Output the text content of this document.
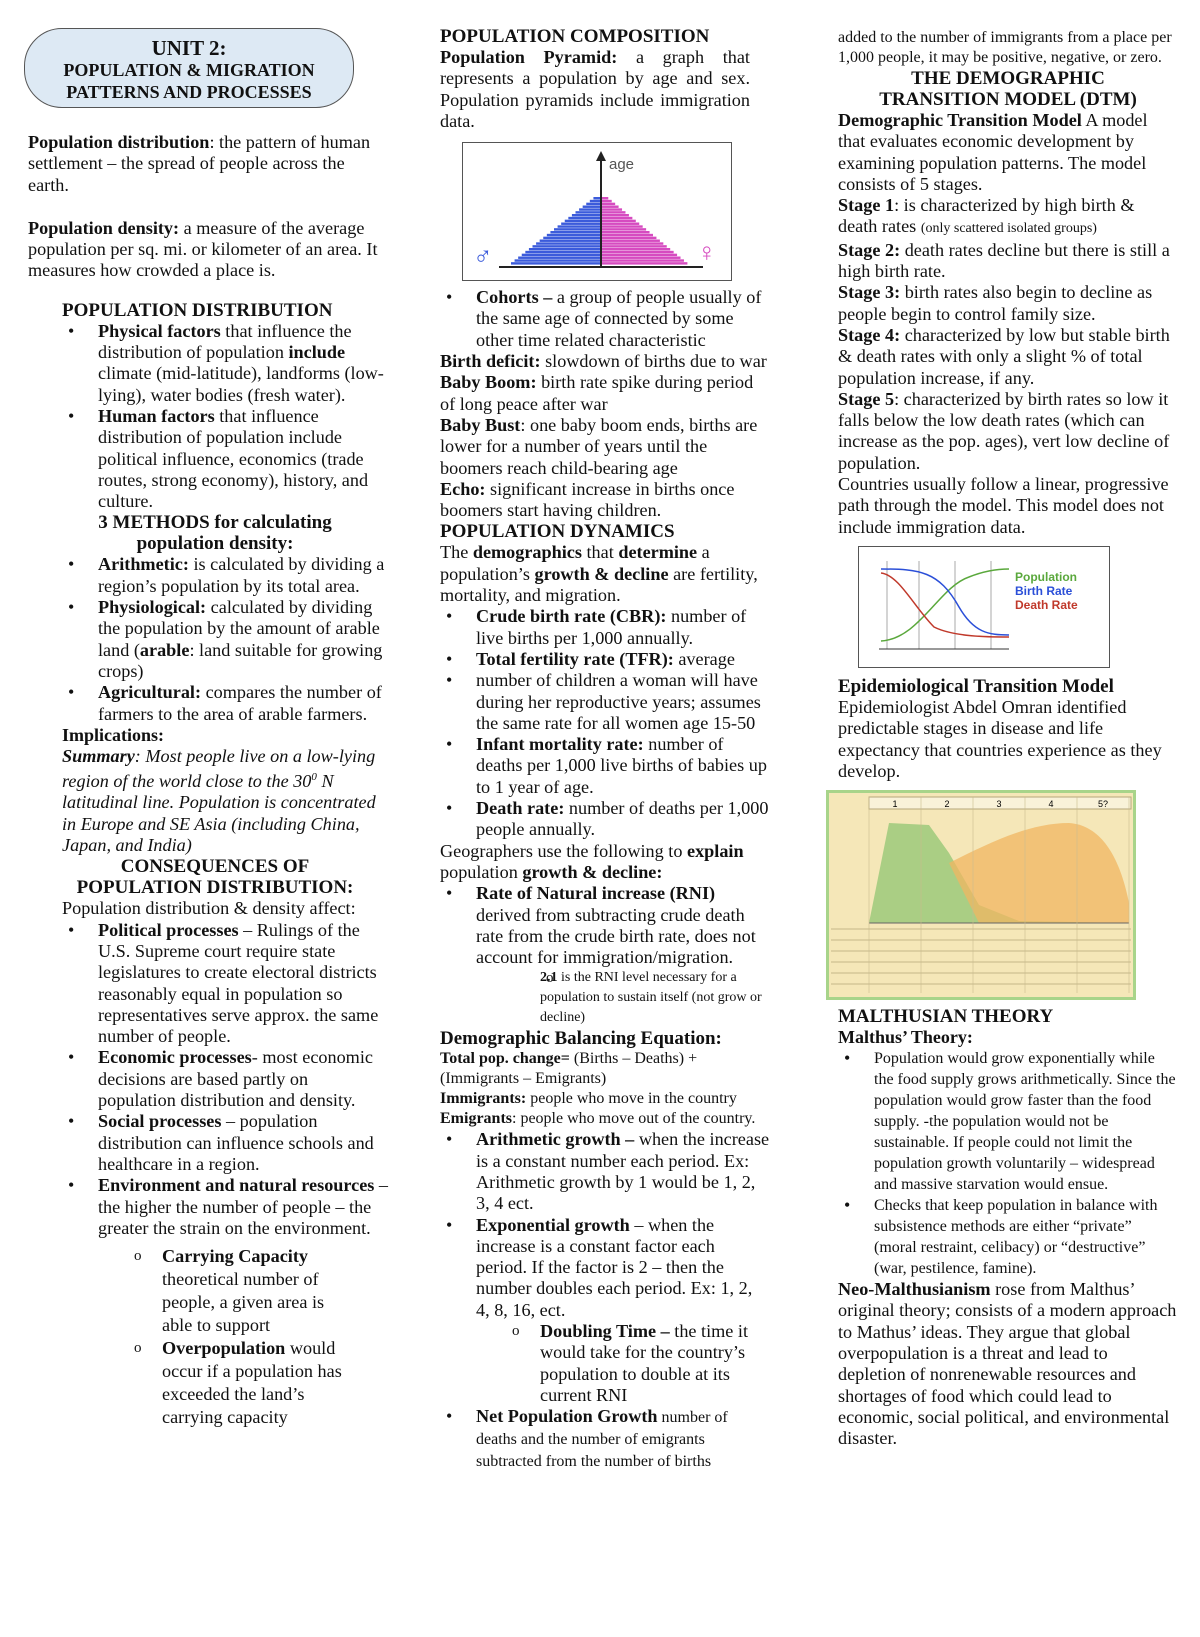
UNIT 2:
POPULATION & MIGRATION
PATTERNS AND PROCESSES

Population distribution: the pattern of human settlement – the spread of people across the earth.

Population density: a measure of the average population per sq. mi. or kilometer of an area. It measures how crowded a place is.

POPULATION DISTRIBUTION
• Physical factors that influence the distribution of population include climate (mid-latitude), landforms (low-lying), water bodies (fresh water).
• Human factors that influence distribution of population include political influence, economics (trade routes, strong economy), history, and culture.
3 METHODS for calculating population density:
• Arithmetic: is calculated by dividing a region’s population by its total area.
• Physiological: calculated by dividing the population by the amount of arable land (arable: land suitable for growing crops)
• Agricultural: compares the number of farmers to the area of arable farmers.
Implications:

Summary: Most people live on a low-lying region of the world close to the $30^0$ N latitudinal line. Population is concentrated in Europe and SE Asia (including China, Japan, and India)

CONSEQUENCES OF POPULATION DISTRIBUTION:

Population distribution & density affect:

• Political processes – Rulings of the U.S. Supreme court require state legislatures to create electoral districts reasonably equal in population so representatives serve approx. the same number of people.
• Economic processes- most economic decisions are based partly on population distribution and density.
• Social processes – population distribution can influence schools and healthcare in a region.
• Environment and natural resources – the higher the number of people – the greater the strain on the environment.
o Carrying Capacity
theoretical number of people, a given area is able to support
o Overpopulation would occur if a population has exceeded the land’s carrying capacity
POPULATION COMPOSITION

Population Pyramid: a graph that represents a population by age and sex. Population pyramids include immigration data.

age
♂	♀
• Cohorts – a group of people usually of the same age of connected by some other time related characteristic

Birth deficit: slowdown of births due to war

Baby Boom: birth rate spike during period of long peace after war

Baby Bust: one baby boom ends, births are lower for a number of years until the boomers reach child-bearing age

Echo: significant increase in births once boomers start having children.

POPULATION DYNAMICS

The demographics that determine a population’s growth & decline are fertility, mortality, and migration.

• Crude birth rate (CBR): number of live births per 1,000 annually.
• Total fertility rate (TFR): average
• number of children a woman will have during her reproductive years; assumes the same rate for all women age 15-50
• Infant mortality rate: number of deaths per 1,000 live births of babies up to 1 year of age.
• Death rate: number of deaths per 1,000 people annually.

Geographers use the following to explain population growth & decline:

• Rate of Natural increase (RNI) derived from subtracting crude death rate from the crude birth rate, does not account for immigration/migration.
o 2.1 is the RNI level necessary for a population to sustain itself (not grow or decline)
Demographic Balancing Equation:

Total pop. change= (Births – Deaths) + (Immigrants – Emigrants)

Immigrants: people who move in the country

Emigrants: people who move out of the country.

• Arithmetic growth – when the increase is a constant number each period. Ex: Arithmetic growth by 1 would be 1, 2, 3, 4 ect.
• Exponential growth – when the increase is a constant factor each period. If the factor is 2 – then the number doubles each period. Ex: 1, 2, 4, 8, 16, ect.
o Doubling Time – the time it would take for the country’s population to double at its current RNI
• Net Population Growth number of deaths and the number of emigrants subtracted from the number of births

added to the number of immigrants from a place per 1,000 people, it may be positive, negative, or zero.

THE DEMOGRAPHIC TRANSITION MODEL (DTM)

Demographic Transition Model A model that evaluates economic development by examining population patterns. The model consists of 5 stages.

Stage 1: is characterized by high birth & death rates (only scattered isolated groups)

Stage 2: death rates decline but there is still a high birth rate.

Stage 3: birth rates also begin to decline as people begin to control family size.

Stage 4: characterized by low but stable birth & death rates with only a slight % of total population increase, if any.

Stage 5: characterized by birth rates so low it falls below the low death rates (which can increase as the pop. ages), vert low decline of population.

Countries usually follow a linear, progressive path through the model. This model does not include immigration data.

Population
Birth Rate
Death Rate
Epidemiological Transition Model

Epidemiologist Abdel Omran identified predictable stages in disease and life expectancy that countries experience as they develop.

1	2	3	4	5?
MALTHUSIAN THEORY
Malthus’ Theory:
• Population would grow exponentially while the food supply grows arithmetically. Since the population would grow faster than the food supply. -the population would not be sustainable. If people could not limit the population growth voluntarily – widespread and massive starvation would ensue.
• Checks that keep population in balance with subsistence methods are either “private” (moral restraint, celibacy) or “destructive” (war, pestilence, famine).

Neo-Malthusianism rose from Malthus’ original theory; consists of a modern approach to Mathus’ ideas. They argue that global overpopulation is a threat and lead to depletion of nonrenewable resources and shortages of food which could lead to economic, social political, and environmental disaster.
